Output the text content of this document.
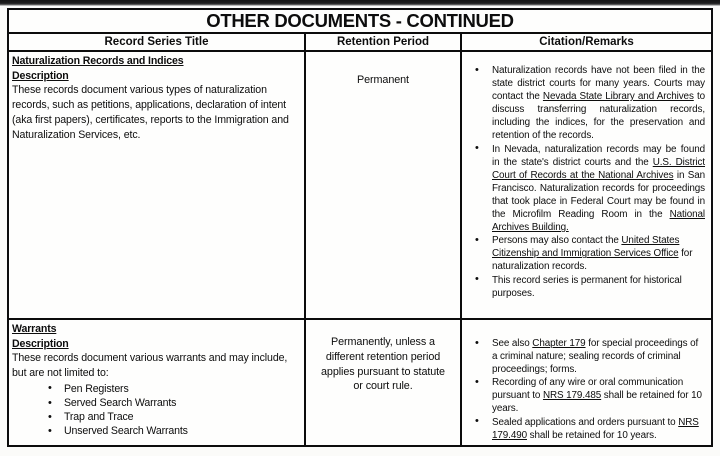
OTHER DOCUMENTS - CONTINUED
Record Series Title	Retention Period	Citation/Remarks
Naturalization Records and Indices
Description
These records document various types of naturalization records, such as petitions, applications, declaration of intent (aka first papers), certificates, reports to the Immigration and Naturalization Services, etc.
Permanent
• Naturalization records have not been filed in the state district courts for many years. Courts may contact the Nevada State Library and Archives to discuss transferring naturalization records, including the indices, for the preservation and retention of the records.
• In Nevada, naturalization records may be found in the state's district courts and the U.S. District Court of Records at the National Archives in San Francisco. Naturalization records for proceedings that took place in Federal Court may be found in the Microfilm Reading Room in the National Archives Building.
• Persons may also contact the United States Citizenship and Immigration Services Office for naturalization records.
• This record series is permanent for historical purposes.
Warrants
Description
These records document various warrants and may include, but are not limited to:
• Pen Registers
• Served Search Warrants
• Trap and Trace
• Unserved Search Warrants
Permanently, unless a different retention period applies pursuant to statute or court rule.
• See also Chapter 179 for special proceedings of a criminal nature; sealing records of criminal proceedings; forms.
• Recording of any wire or oral communication pursuant to NRS 179.485 shall be retained for 10 years.
• Sealed applications and orders pursuant to NRS 179.490 shall be retained for 10 years.
